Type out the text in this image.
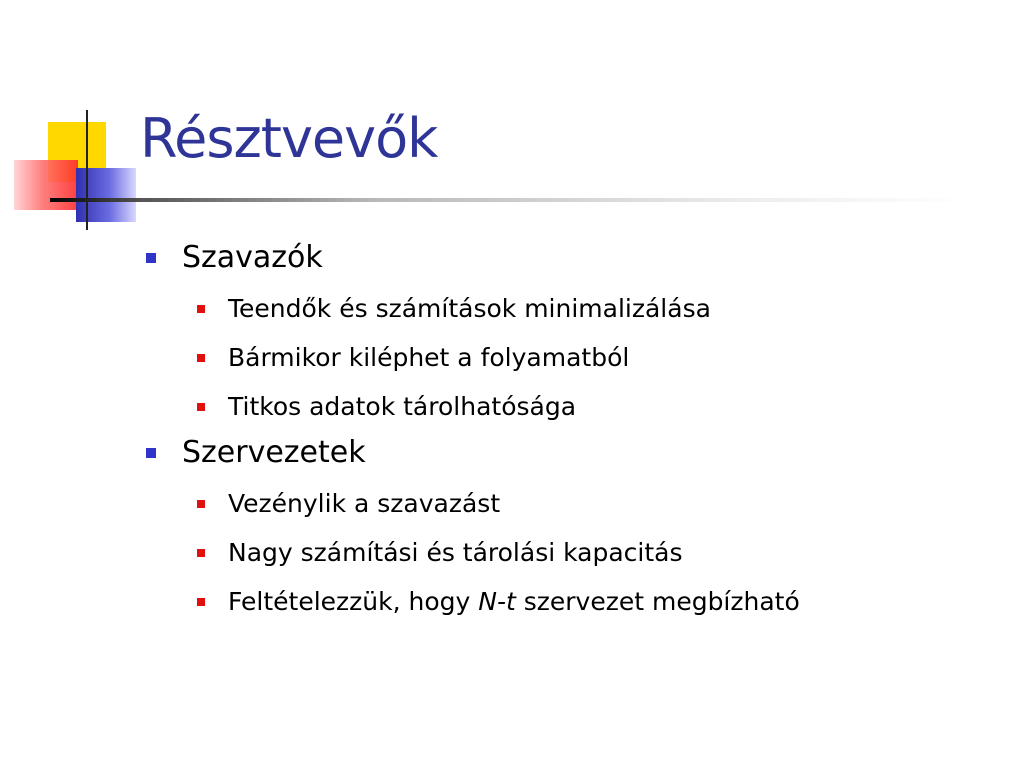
Résztvevők
Szavazók
Teendők és számítások minimalizálása
Bármikor kiléphet a folyamatból
Titkos adatok tárolhatósága
Szervezetek
Vezénylik a szavazást
Nagy számítási és tárolási kapacitás
Feltételezzük, hogy N-t szervezet megbízható
